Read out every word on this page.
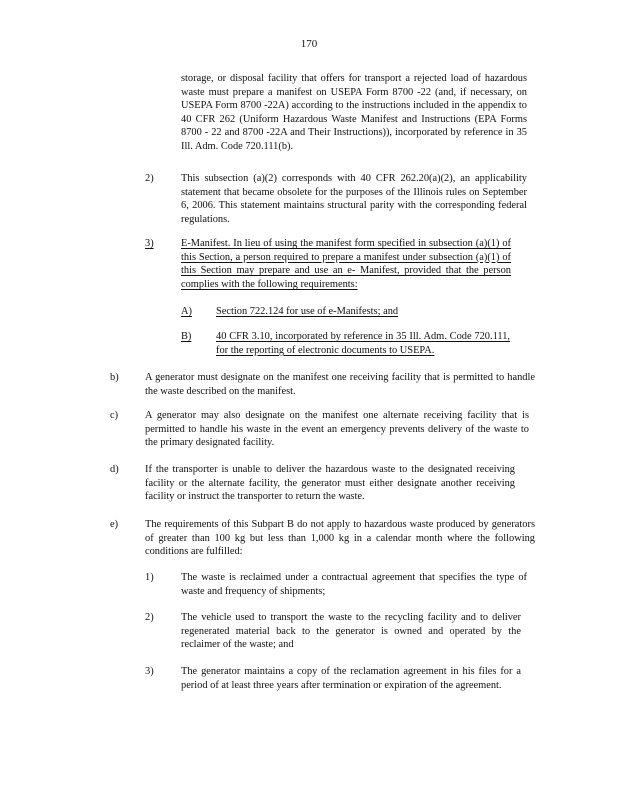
170

storage, or disposal facility that offers for transport a rejected load of hazardous waste must prepare a manifest on USEPA Form 8700 -22 (and, if necessary, on USEPA Form 8700 -22A) according to the instructions included in the appendix to 40 CFR 262 (Uniform Hazardous Waste Manifest and Instructions (EPA Forms 8700 - 22 and 8700 -22A and Their Instructions)), incorporated by reference in 35 Ill. Adm. Code 720.111(b).

2)	This subsection (a)(2) corresponds with 40 CFR 262.20(a)(2), an applicability statement that became obsolete for the purposes of the Illinois rules on September 6, 2006. This statement maintains structural parity with the corresponding federal regulations.

3)	E-Manifest. In lieu of using the manifest form specified in subsection (a)(1) of this Section, a person required to prepare a manifest under subsection (a)(1) of this Section may prepare and use an e- Manifest, provided that the person complies with the following requirements:

A) Section 722.124 for use of e-Manifests; and

B) 40 CFR 3.10, incorporated by reference in 35 Ill. Adm. Code 720.111, for the reporting of electronic documents to USEPA.

b)	A generator must designate on the manifest one receiving facility that is permitted to handle the waste described on the manifest.

c)	A generator may also designate on the manifest one alternate receiving facility that is permitted to handle his waste in the event an emergency prevents delivery of the waste to the primary designated facility.

d)	If the transporter is unable to deliver the hazardous waste to the designated receiving facility or the alternate facility, the generator must either designate another receiving facility or instruct the transporter to return the waste.

e)	The requirements of this Subpart B do not apply to hazardous waste produced by generators of greater than 100 kg but less than 1,000 kg in a calendar month where the following conditions are fulfilled:

1)	The waste is reclaimed under a contractual agreement that specifies the type of waste and frequency of shipments;

2)	The vehicle used to transport the waste to the recycling facility and to deliver regenerated material back to the generator is owned and operated by the reclaimer of the waste; and

3)	The generator maintains a copy of the reclamation agreement in his files for a period of at least three years after termination or expiration of the agreement.
